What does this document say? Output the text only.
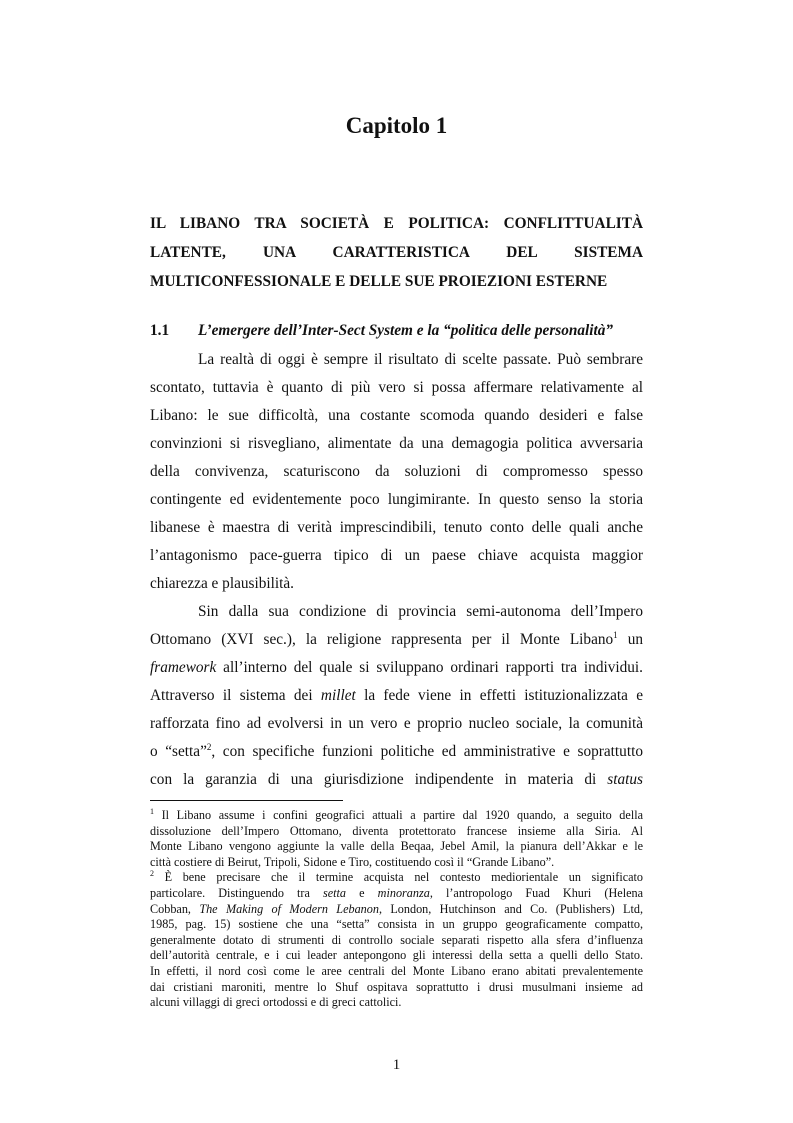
Capitolo 1
IL LIBANO TRA SOCIETÀ E POLITICA: CONFLITTUALITÀ
LATENTE, UNA CARATTERISTICA DEL SISTEMA
MULTICONFESSIONALE E DELLE SUE PROIEZIONI ESTERNE
1.1 L’emergere dell’Inter-Sect System e la “politica delle personalità”
La realtà di oggi è sempre il risultato di scelte passate. Può sembrare
scontato, tuttavia è quanto di più vero si possa affermare relativamente al
Libano: le sue difficoltà, una costante scomoda quando desideri e false
convinzioni si risvegliano, alimentate da una demagogia politica avversaria
della convivenza, scaturiscono da soluzioni di compromesso spesso
contingente ed evidentemente poco lungimirante. In questo senso la storia
libanese è maestra di verità imprescindibili, tenuto conto delle quali anche
l’antagonismo pace-guerra tipico di un paese chiave acquista maggior
chiarezza e plausibilità.
Sin dalla sua condizione di provincia semi-autonoma dell’Impero
Ottomano (XVI sec.), la religione rappresenta per il Monte Libano$^1$ un
framework all’interno del quale si sviluppano ordinari rapporti tra individui.
Attraverso il sistema dei millet la fede viene in effetti istituzionalizzata e
rafforzata fino ad evolversi in un vero e proprio nucleo sociale, la comunità
o “setta”$^2$, con specifiche funzioni politiche ed amministrative e soprattutto
con la garanzia di una giurisdizione indipendente in materia di status
$^1$ Il Libano assume i confini geografici attuali a partire dal 1920 quando, a seguito della
dissoluzione dell’Impero Ottomano, diventa protettorato francese insieme alla Siria. Al
Monte Libano vengono aggiunte la valle della Beqaa, Jebel Amil, la pianura dell’Akkar e le
città costiere di Beirut, Tripoli, Sidone e Tiro, costituendo così il “Grande Libano”.
$^2$ È bene precisare che il termine acquista nel contesto mediorientale un significato
particolare. Distinguendo tra setta e minoranza, l’antropologo Fuad Khuri (Helena
Cobban, The Making of Modern Lebanon, London, Hutchinson and Co. (Publishers) Ltd,
1985, pag. 15) sostiene che una “setta” consista in un gruppo geograficamente compatto,
generalmente dotato di strumenti di controllo sociale separati rispetto alla sfera d’influenza
dell’autorità centrale, e i cui leader antepongono gli interessi della setta a quelli dello Stato.
In effetti, il nord così come le aree centrali del Monte Libano erano abitati prevalentemente
dai cristiani maroniti, mentre lo Shuf ospitava soprattutto i drusi musulmani insieme ad
alcuni villaggi di greci ortodossi e di greci cattolici.
1
